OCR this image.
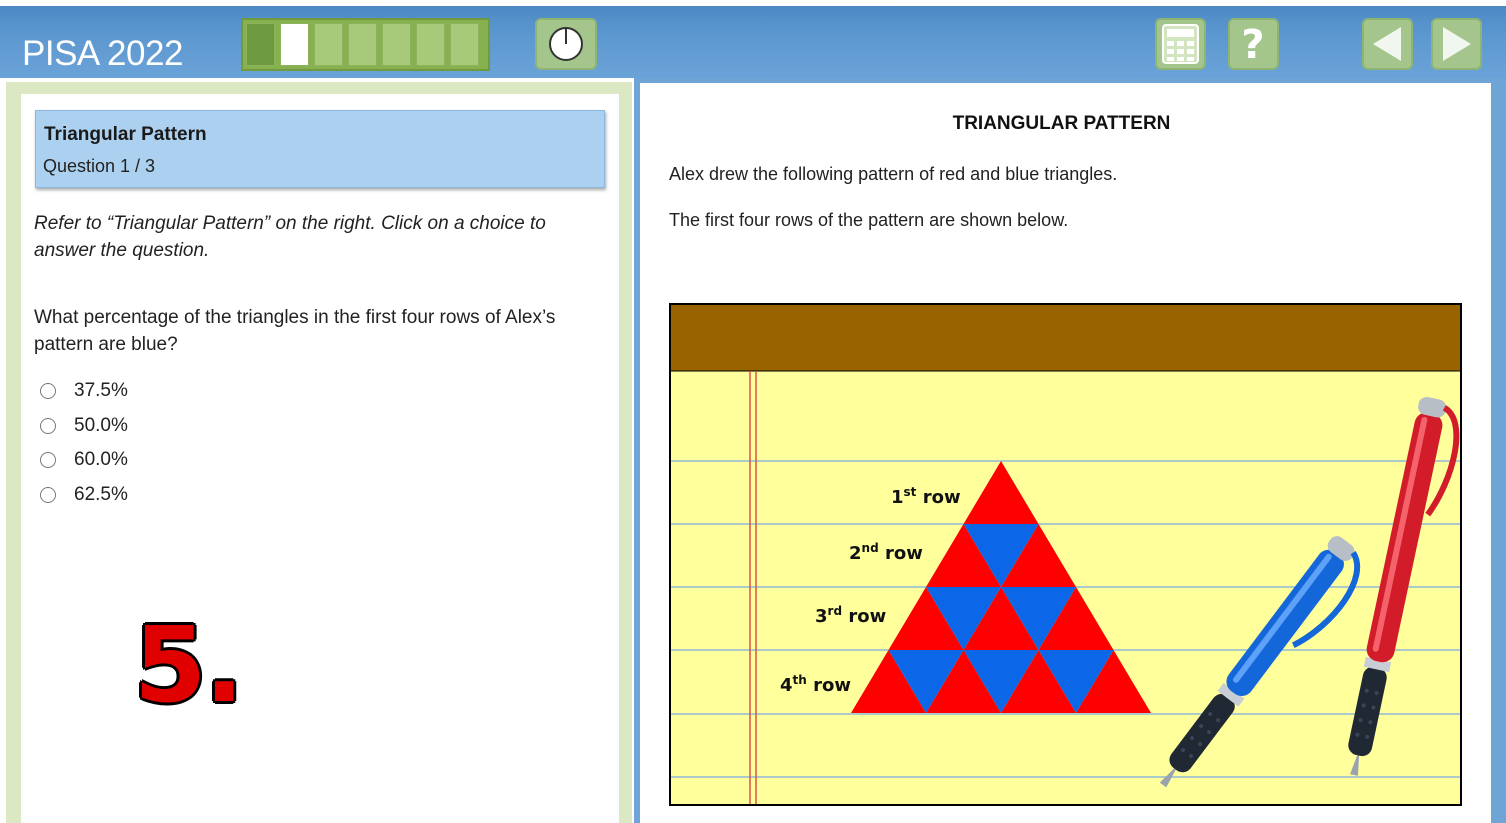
PISA 2022	?
Triangular Pattern
Question 1 / 3
Refer to “Triangular Pattern” on the right. Click on a choice to answer the question.
What percentage of the triangles in the first four rows of Alex’s pattern are blue?
37.5%
50.0%
60.0%
62.5%
5.
TRIANGULAR PATTERN
Alex drew the following pattern of red and blue triangles.
The first four rows of the pattern are shown below.
1st row
2nd row
3rd row
4th row
